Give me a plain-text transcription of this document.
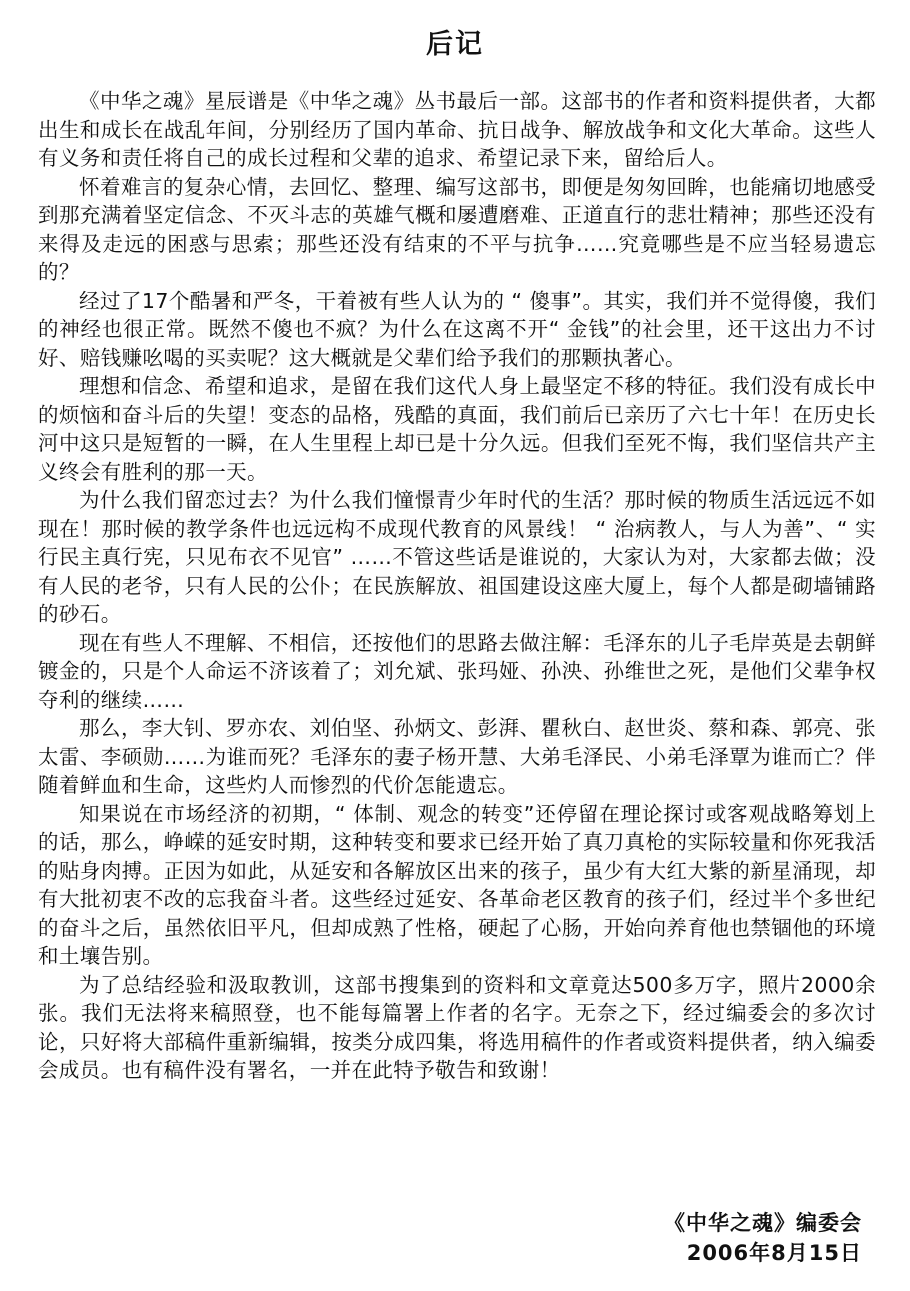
后记

《中华之魂》星辰谱是《中华之魂》丛书最后一部。这部书的作者和资料提供者，大都出生和成长在战乱年间，分别经历了国内革命、抗日战争、解放战争和文化大革命。这些人有义务和责任将自己的成长过程和父辈的追求、希望记录下来，留给后人。

怀着难言的复杂心情，去回忆、整理、编写这部书，即便是匆匆回眸，也能痛切地感受到那充满着坚定信念、不灭斗志的英雄气概和屡遭磨难、正道直行的悲壮精神；那些还没有来得及走远的困惑与思索；那些还没有结束的不平与抗争……究竟哪些是不应当轻易遗忘的？

经过了17个酷暑和严冬，干着被有些人认为的 “ 傻事”。其实，我们并不觉得傻，我们的神经也很正常。既然不傻也不疯？为什么在这离不开“ 金钱”的社会里，还干这出力不讨好、赔钱赚吆喝的买卖呢？这大概就是父辈们给予我们的那颗执著心。

理想和信念、希望和追求，是留在我们这代人身上最坚定不移的特征。我们没有成长中的烦恼和奋斗后的失望！变态的品格，残酷的真面，我们前后已亲历了六七十年！在历史长河中这只是短暂的一瞬，在人生里程上却已是十分久远。但我们至死不悔，我们坚信共产主义终会有胜利的那一天。

为什么我们留恋过去？为什么我们憧憬青少年时代的生活？那时候的物质生活远远不如现在！那时候的教学条件也远远构不成现代教育的风景线！ “ 治病教人，与人为善”、“ 实行民主真行宪，只见布衣不见官” ……不管这些话是谁说的，大家认为对，大家都去做；没有人民的老爷，只有人民的公仆；在民族解放、祖国建设这座大厦上，每个人都是砌墙铺路的砂石。

现在有些人不理解、不相信，还按他们的思路去做注解：毛泽东的儿子毛岸英是去朝鲜镀金的，只是个人命运不济该着了；刘允斌、张玛娅、孙泱、孙维世之死，是他们父辈争权夺利的继续……

那么，李大钊、罗亦农、刘伯坚、孙炳文、彭湃、瞿秋白、赵世炎、蔡和森、郭亮、张太雷、李硕勋……为谁而死？毛泽东的妻子杨开慧、大弟毛泽民、小弟毛泽覃为谁而亡？伴随着鲜血和生命，这些灼人而惨烈的代价怎能遗忘。

知果说在市场经济的初期，“ 体制、观念的转变”还停留在理论探讨或客观战略筹划上的话，那么，峥嵘的延安时期，这种转变和要求已经开始了真刀真枪的实际较量和你死我活的贴身肉搏。正因为如此，从延安和各解放区出来的孩子，虽少有大红大紫的新星涌现，却有大批初衷不改的忘我奋斗者。这些经过延安、各革命老区教育的孩子们，经过半个多世纪的奋斗之后，虽然依旧平凡，但却成熟了性格，硬起了心肠，开始向养育他也禁锢他的环境和土壤告别。

为了总结经验和汲取教训，这部书搜集到的资料和文章竟达500多万字，照片2000余张。我们无法将来稿照登，也不能每篇署上作者的名字。无奈之下，经过编委会的多次讨论，只好将大部稿件重新编辑，按类分成四集，将选用稿件的作者或资料提供者，纳入编委会成员。也有稿件没有署名，一并在此特予敬告和致谢！

《中华之魂》编委会
2006年8月15日
